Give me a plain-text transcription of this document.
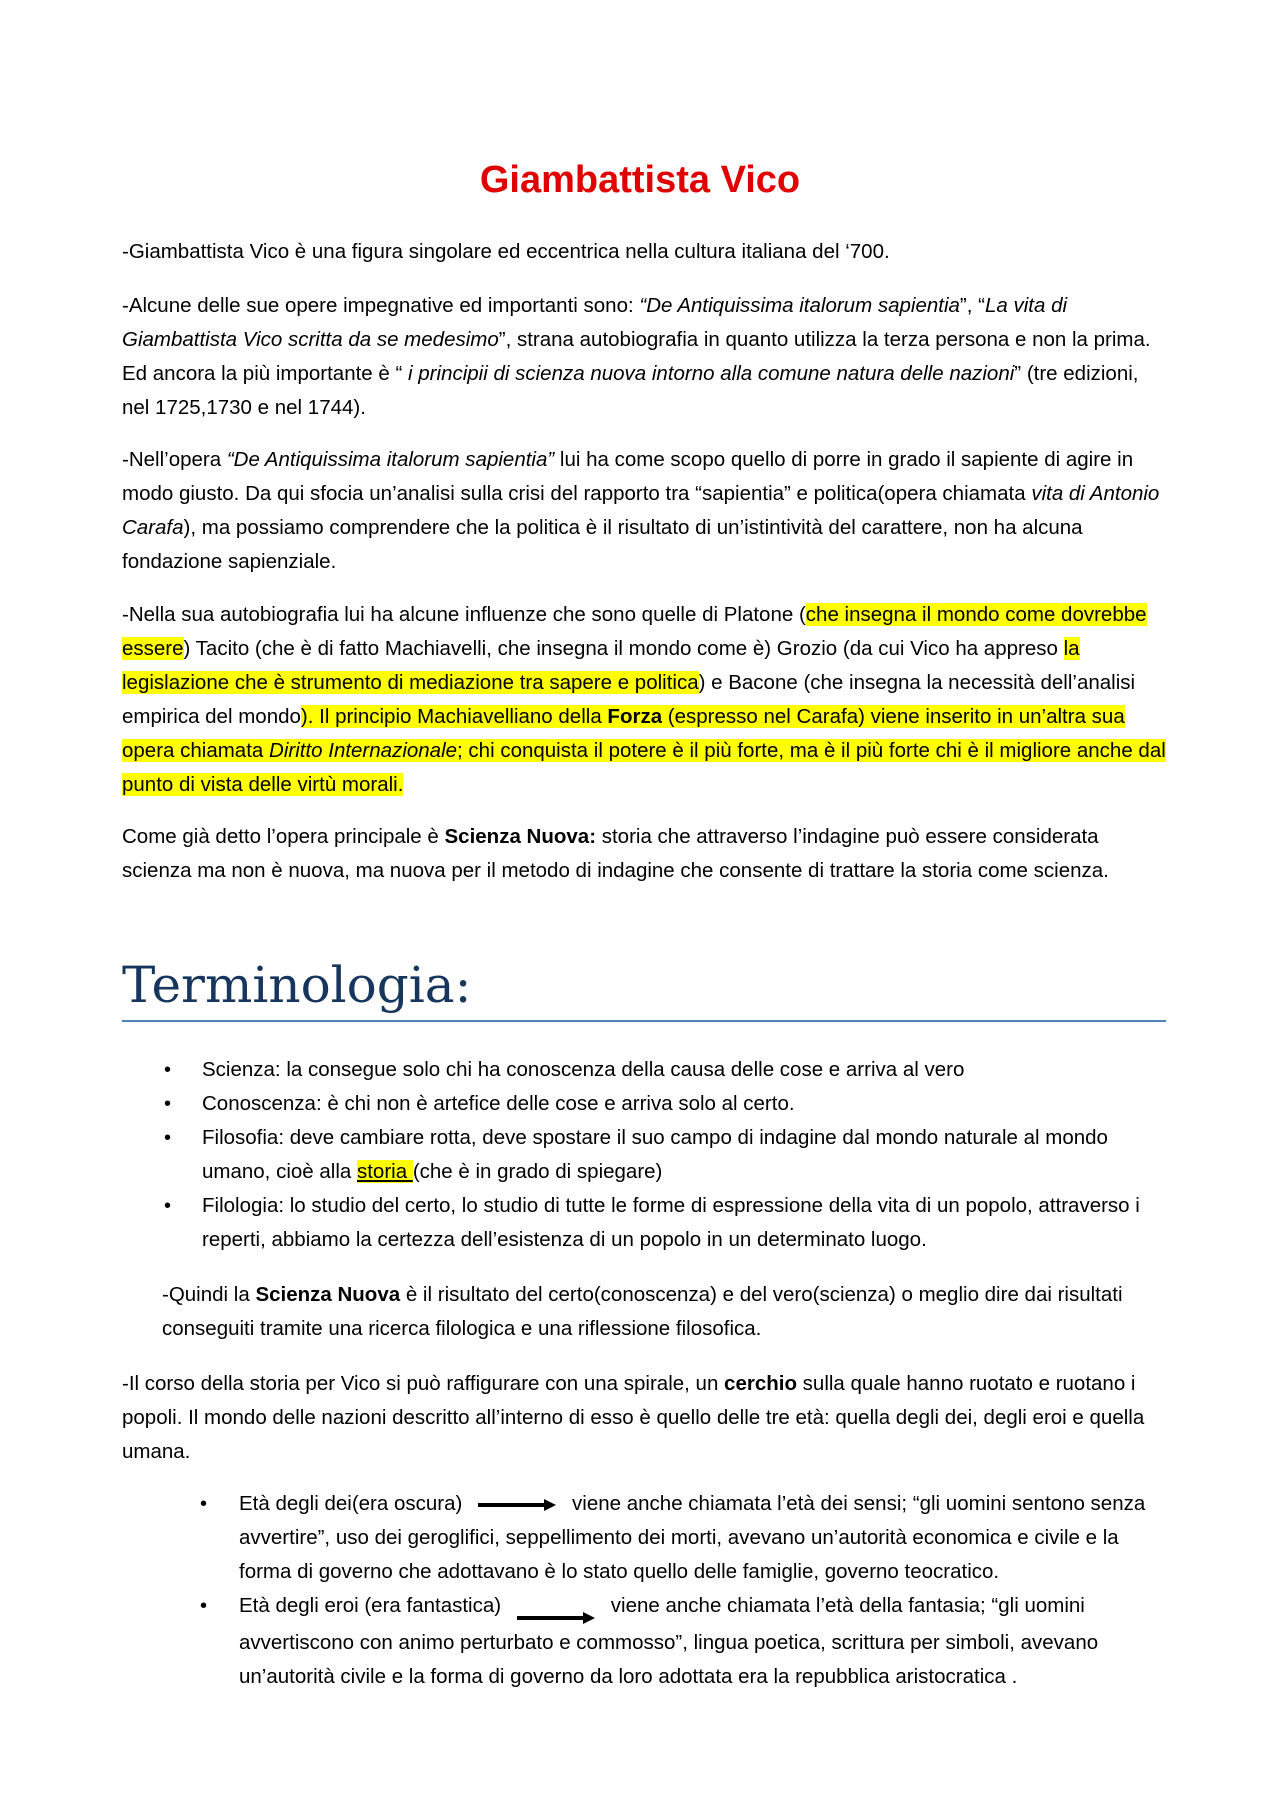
Giambattista Vico

-Giambattista Vico è una figura singolare ed eccentrica nella cultura italiana del ‘700.

-Alcune delle sue opere impegnative ed importanti sono: “De Antiquissima italorum sapientia”, “La vita di Giambattista Vico scritta da se medesimo”, strana autobiografia in quanto utilizza la terza persona e non la prima. Ed ancora la più importante è “ i principii di scienza nuova intorno alla comune natura delle nazioni” (tre edizioni, nel 1725,1730 e nel 1744).

-Nell’opera “De Antiquissima italorum sapientia” lui ha come scopo quello di porre in grado il sapiente di agire in modo giusto. Da qui sfocia un’analisi sulla crisi del rapporto tra “sapientia” e politica(opera chiamata vita di Antonio Carafa), ma possiamo comprendere che la politica è il risultato di un’istintività del carattere, non ha alcuna fondazione sapienziale.

-Nella sua autobiografia lui ha alcune influenze che sono quelle di Platone (che insegna il mondo come dovrebbe essere) Tacito (che è di fatto Machiavelli, che insegna il mondo come è) Grozio (da cui Vico ha appreso la legislazione che è strumento di mediazione tra sapere e politica) e Bacone (che insegna la necessità dell’analisi empirica del mondo). Il principio Machiavelliano della Forza (espresso nel Carafa) viene inserito in un’altra sua opera chiamata Diritto Internazionale; chi conquista il potere è il più forte, ma è il più forte chi è il migliore anche dal punto di vista delle virtù morali.

Come già detto l’opera principale è Scienza Nuova: storia che attraverso l’indagine può essere considerata scienza ma non è nuova, ma nuova per il metodo di indagine che consente di trattare la storia come scienza.

Terminologia:
• Scienza: la consegue solo chi ha conoscenza della causa delle cose e arriva al vero
• Conoscenza: è chi non è artefice delle cose e arriva solo al certo.
• Filosofia: deve cambiare rotta, deve spostare il suo campo di indagine dal mondo naturale al mondo umano, cioè alla storia (che è in grado di spiegare)
• Filologia: lo studio del certo, lo studio di tutte le forme di espressione della vita di un popolo, attraverso i reperti, abbiamo la certezza dell’esistenza di un popolo in un determinato luogo.

-Quindi la Scienza Nuova è il risultato del certo(conoscenza) e del vero(scienza) o meglio dire dai risultati conseguiti tramite una ricerca filologica e una riflessione filosofica.

-Il corso della storia per Vico si può raffigurare con una spirale, un cerchio sulla quale hanno ruotato e ruotano i popoli. Il mondo delle nazioni descritto all’interno di esso è quello delle tre età: quella degli dei, degli eroi e quella umana.

• Età degli dei(era oscura)	viene anche chiamata l’età dei sensi; “gli uomini sentono senza avvertire”, uso dei geroglifici, seppellimento dei morti, avevano un’autorità economica e civile e la forma di governo che adottavano è lo stato quello delle famiglie, governo teocratico.
• Età degli eroi (era fantastica)	viene anche chiamata l’età della fantasia; “gli uomini avvertiscono con animo perturbato e commosso”, lingua poetica, scrittura per simboli, avevano un’autorità civile e la forma di governo da loro adottata era la repubblica aristocratica .
